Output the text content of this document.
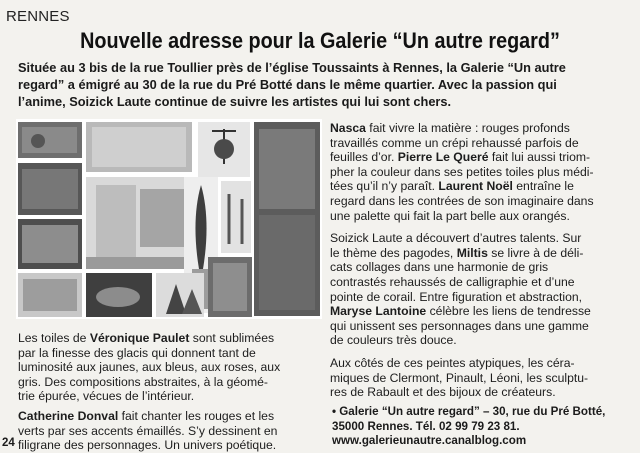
RENNES
Nouvelle adresse pour la Galerie “Un autre regard”
Située au 3 bis de la rue Toullier près de l’église Toussaints à Rennes, la Galerie “Un autre
regard” a émigré au 30 de la rue du Pré Botté dans le même quartier. Avec la passion qui
l’anime, Soizick Laute continue de suivre les artistes qui lui sont chers.

Les toiles de Véronique Paulet sont sublimées
par la finesse des glacis qui donnent tant de
luminosité aux jaunes, aux bleus, aux roses, aux
gris. Des compositions abstraites, à la géomé-
trie épurée, vécues de l’intérieur.

Catherine Donval fait chanter les rouges et les
verts par ses accents émaillés. S’y dessinent en
filigrane des personnages. Un univers poétique.

Nasca fait vivre la matière : rouges profonds
travaillés comme un crépi rehaussé parfois de
feuilles d’or. Pierre Le Queré fait lui aussi triom-
pher la couleur dans ses petites toiles plus médi-
tées qu’il n’y paraît. Laurent Noël entraîne le
regard dans les contrées de son imaginaire dans
une palette qui fait la part belle aux orangés.

Soizick Laute a découvert d’autres talents. Sur
le thème des pagodes, Miltis se livre à de déli-
cats collages dans une harmonie de gris
contrastés rehaussés de calligraphie et d’une
pointe de corail. Entre figuration et abstraction,
Maryse Lantoine célèbre les liens de tendresse
qui unissent ses personnages dans une gamme
de couleurs très douce.

Aux côtés de ces peintes atypiques, les céra-
miques de Clermont, Pinault, Léoni, les sculptu-
res de Rabault et des bijoux de créateurs.

• Galerie “Un autre regard” – 30, rue du Pré Botté,
35000 Rennes. Tél. 02 99 79 23 81.
www.galerieunautre.canalblog.com
24
